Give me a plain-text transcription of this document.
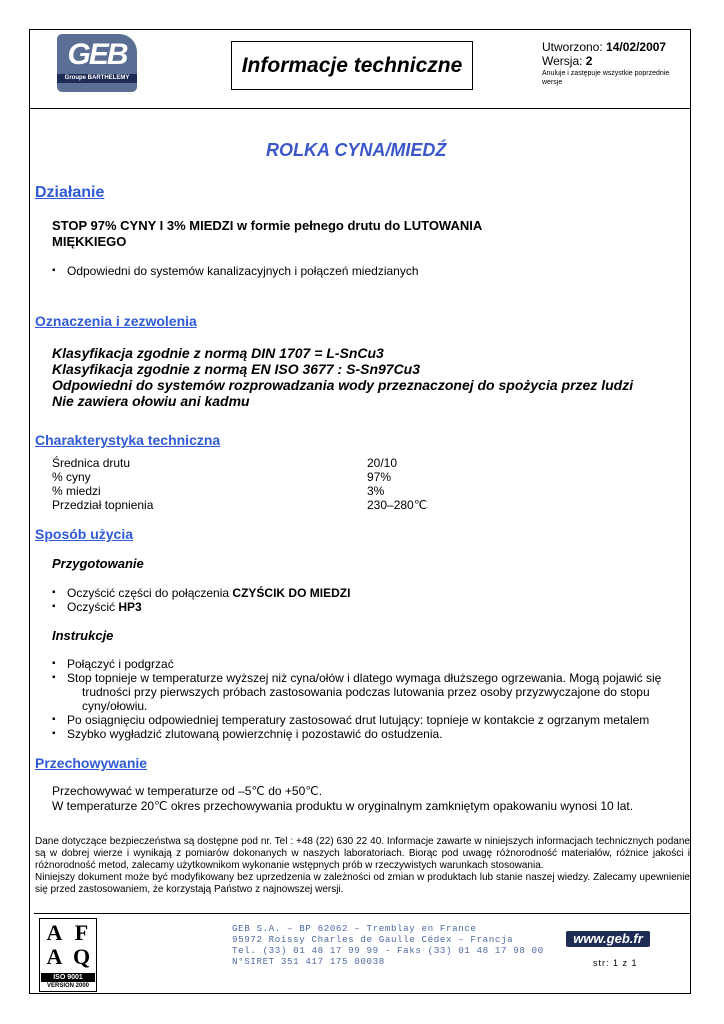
GEB
Groupe BARTHELEMY
Informacje techniczne
Utworzono: 14/02/2007
Wersja: 2
Anuluje i zastępuje wszystkie poprzednie wersje
ROLKA CYNA/MIEDŹ
Działanie
STOP 97% CYNY I 3% MIEDZI w formie pełnego drutu do LUTOWANIA
MIĘKKIEGO
▪ Odpowiedni do systemów kanalizacyjnych i połączeń miedzianych
Oznaczenia i zezwolenia
Klasyfikacja zgodnie z normą DIN 1707 = L-SnCu3
Klasyfikacja zgodnie z normą EN ISO 3677 : S-Sn97Cu3
Odpowiedni do systemów rozprowadzania wody przeznaczonej do spożycia przez ludzi
Nie zawiera ołowiu ani kadmu
Charakterystyka techniczna
Średnica drutu	20/10
% cyny	97%
% miedzi	3%
Przedział topnienia	230–280℃
Sposób użycia
Przygotowanie
▪ Oczyścić części do połączenia CZYŚCIK DO MIEDZI
▪ Oczyścić HP3
Instrukcje
▪ Połączyć i podgrzać
▪ Stop topnieje w temperaturze wyższej niż cyna/ołów i dlatego wymaga dłuższego ogrzewania. Mogą pojawić się
trudności przy pierwszych próbach zastosowania podczas lutowania przez osoby przyzwyczajone do stopu
cyny/ołowiu.
▪ Po osiągnięciu odpowiedniej temperatury zastosować drut lutujący: topnieje w kontakcie z ogrzanym metalem
▪ Szybko wygładzić zlutowaną powierzchnię i pozostawić do ostudzenia.
Przechowywanie
Przechowywać w temperaturze od –5℃ do +50℃.
W temperaturze 20℃ okres przechowywania produktu w oryginalnym zamkniętym opakowaniu wynosi 10 lat.
Dane dotyczące bezpieczeństwa są dostępne pod nr. Tel : +48 (22) 630 22 40. Informacje zawarte w niniejszych informacjach technicznych podane są w dobrej wierze i wynikają z pomiarów dokonanych w naszych laboratoriach. Biorąc pod uwagę różnorodność materiałów, różnice jakości i różnorodność metod, zalecamy użytkownikom wykonanie wstępnych prób w rzeczywistych warunkach stosowania.
Niniejszy dokument może być modyfikowany bez uprzedzenia w zależności od zmian w produktach lub stanie naszej wiedzy. Zalecamy upewnienie się przed zastosowaniem, że korzystają Państwo z najnowszej wersji.
A F
A Q
ISO 9001
VERSION 2000
GEB S.A. – BP 62062 – Tremblay en France
95972 Roissy Charles de Gaulle Cédex – Francja
Tel. (33) 01 48 17 99 99 - Faks (33) 01 48 17 98 00
N°SIRET 351 417 175 00038
www.geb.fr
str: 1 z 1
